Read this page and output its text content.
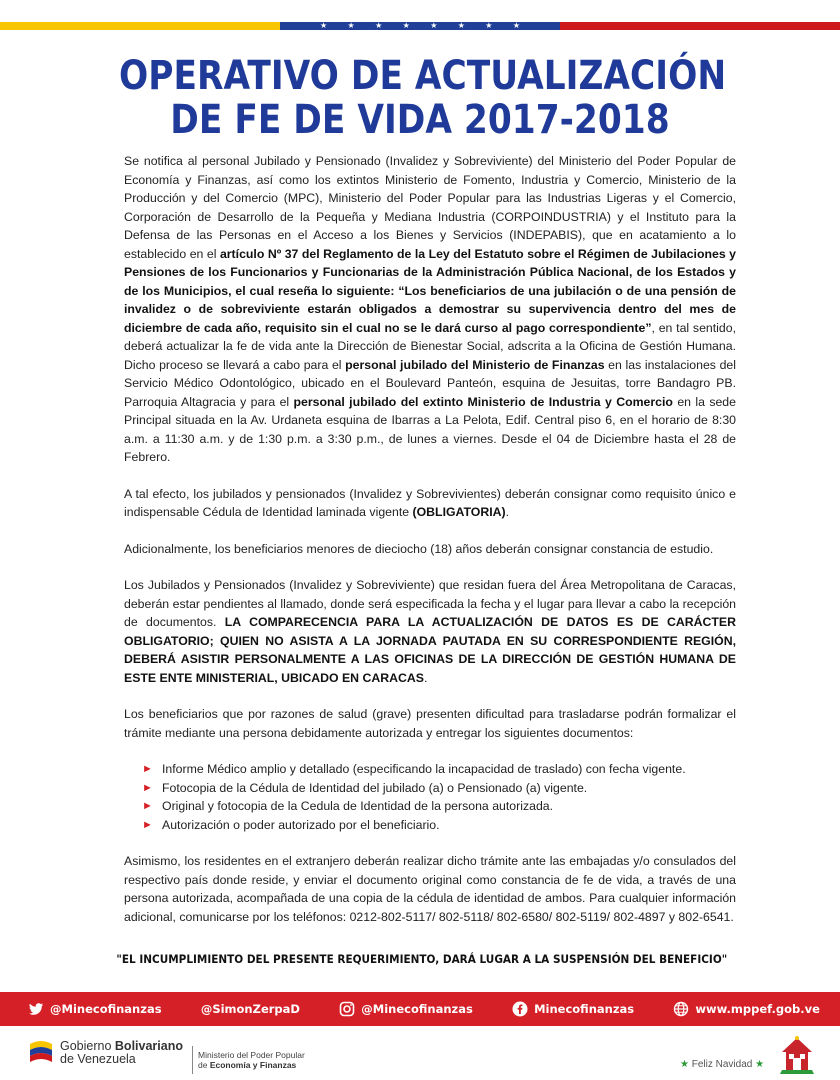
★	★	★	★	★	★	★	★
OPERATIVO DE ACTUALIZACIÓN
DE FE DE VIDA 2017-2018

Se notifica al personal Jubilado y Pensionado (Invalidez y Sobreviviente) del Ministerio del Poder Popular de Economía y Finanzas, así como los extintos Ministerio de Fomento, Industria y Comercio, Ministerio de la Producción y del Comercio (MPC), Ministerio del Poder Popular para las Industrias Ligeras y el Comercio, Corporación de Desarrollo de la Pequeña y Mediana Industria (CORPOINDUSTRIA) y el Instituto para la Defensa de las Personas en el Acceso a los Bienes y Servicios (INDEPABIS), que en acatamiento a lo establecido en el artículo Nº 37 del Reglamento de la Ley del Estatuto sobre el Régimen de Jubilaciones y Pensiones de los Funcionarios y Funcionarias de la Administración Pública Nacional, de los Estados y de los Municipios, el cual reseña lo siguiente: “Los beneficiarios de una jubilación o de una pensión de invalidez o de sobreviviente estarán obligados a demostrar su supervivencia dentro del mes de diciembre de cada año, requisito sin el cual no se le dará curso al pago correspondiente”, en tal sentido, deberá actualizar la fe de vida ante la Dirección de Bienestar Social, adscrita a la Oficina de Gestión Humana. Dicho proceso se llevará a cabo para el personal jubilado del Ministerio de Finanzas en las instalaciones del Servicio Médico Odontológico, ubicado en el Boulevard Panteón, esquina de Jesuitas, torre Bandagro PB. Parroquia Altagracia y para el personal jubilado del extinto Ministerio de Industria y Comercio en la sede Principal situada en la Av. Urdaneta esquina de Ibarras a La Pelota, Edif. Central piso 6, en el horario de 8:30 a.m. a 11:30 a.m. y de 1:30 p.m. a 3:30 p.m., de lunes a viernes. Desde el 04 de Diciembre hasta el 28 de Febrero.

A tal efecto, los jubilados y pensionados (Invalidez y Sobrevivientes) deberán consignar como requisito único e indispensable Cédula de Identidad laminada vigente (OBLIGATORIA).

Adicionalmente, los beneficiarios menores de dieciocho (18) años deberán consignar constancia de estudio.

Los Jubilados y Pensionados (Invalidez y Sobreviviente) que residan fuera del Área Metropolitana de Caracas, deberán estar pendientes al llamado, donde será especificada la fecha y el lugar para llevar a cabo la recepción de documentos. LA COMPARECENCIA PARA LA ACTUALIZACIÓN DE DATOS ES DE CARÁCTER OBLIGATORIO; QUIEN NO ASISTA A LA JORNADA PAUTADA EN SU CORRESPONDIENTE REGIÓN, DEBERÁ ASISTIR PERSONALMENTE A LAS OFICINAS DE LA DIRECCIÓN DE GESTIÓN HUMANA DE ESTE ENTE MINISTERIAL, UBICADO EN CARACAS.

Los beneficiarios que por razones de salud (grave) presenten dificultad para trasladarse podrán formalizar el trámite mediante una persona debidamente autorizada y entregar los siguientes documentos:

► Informe Médico amplio y detallado (especificando la incapacidad de traslado) con fecha vigente.
► Fotocopia de la Cédula de Identidad del jubilado (a) o Pensionado (a) vigente.
► Original y fotocopia de la Cedula de Identidad de la persona autorizada.
► Autorización o poder autorizado por el beneficiario.

Asimismo, los residentes en el extranjero deberán realizar dicho trámite ante las embajadas y/o consulados del respectivo país donde reside, y enviar el documento original como constancia de fe de vida, a través de una persona autorizada, acompañada de una copia de la cédula de identidad de ambos. Para cualquier información adicional, comunicarse por los teléfonos: 0212-802-5117/ 802-5118/ 802-6580/ 802-5119/ 802-4897 y 802-6541.

"EL INCUMPLIMIENTO DEL PRESENTE REQUERIMIENTO, DARÁ LUGAR A LA SUSPENSIÓN DEL BENEFICIO"
@Minecofinanzas	@SimonZerpaD	@Minecofinanzas	Minecofinanzas	www.mppef.gob.ve
Gobierno Bolivariano
de Venezuela	Ministerio del Poder Popular
de Economía y Finanzas	★ Feliz Navidad ★
